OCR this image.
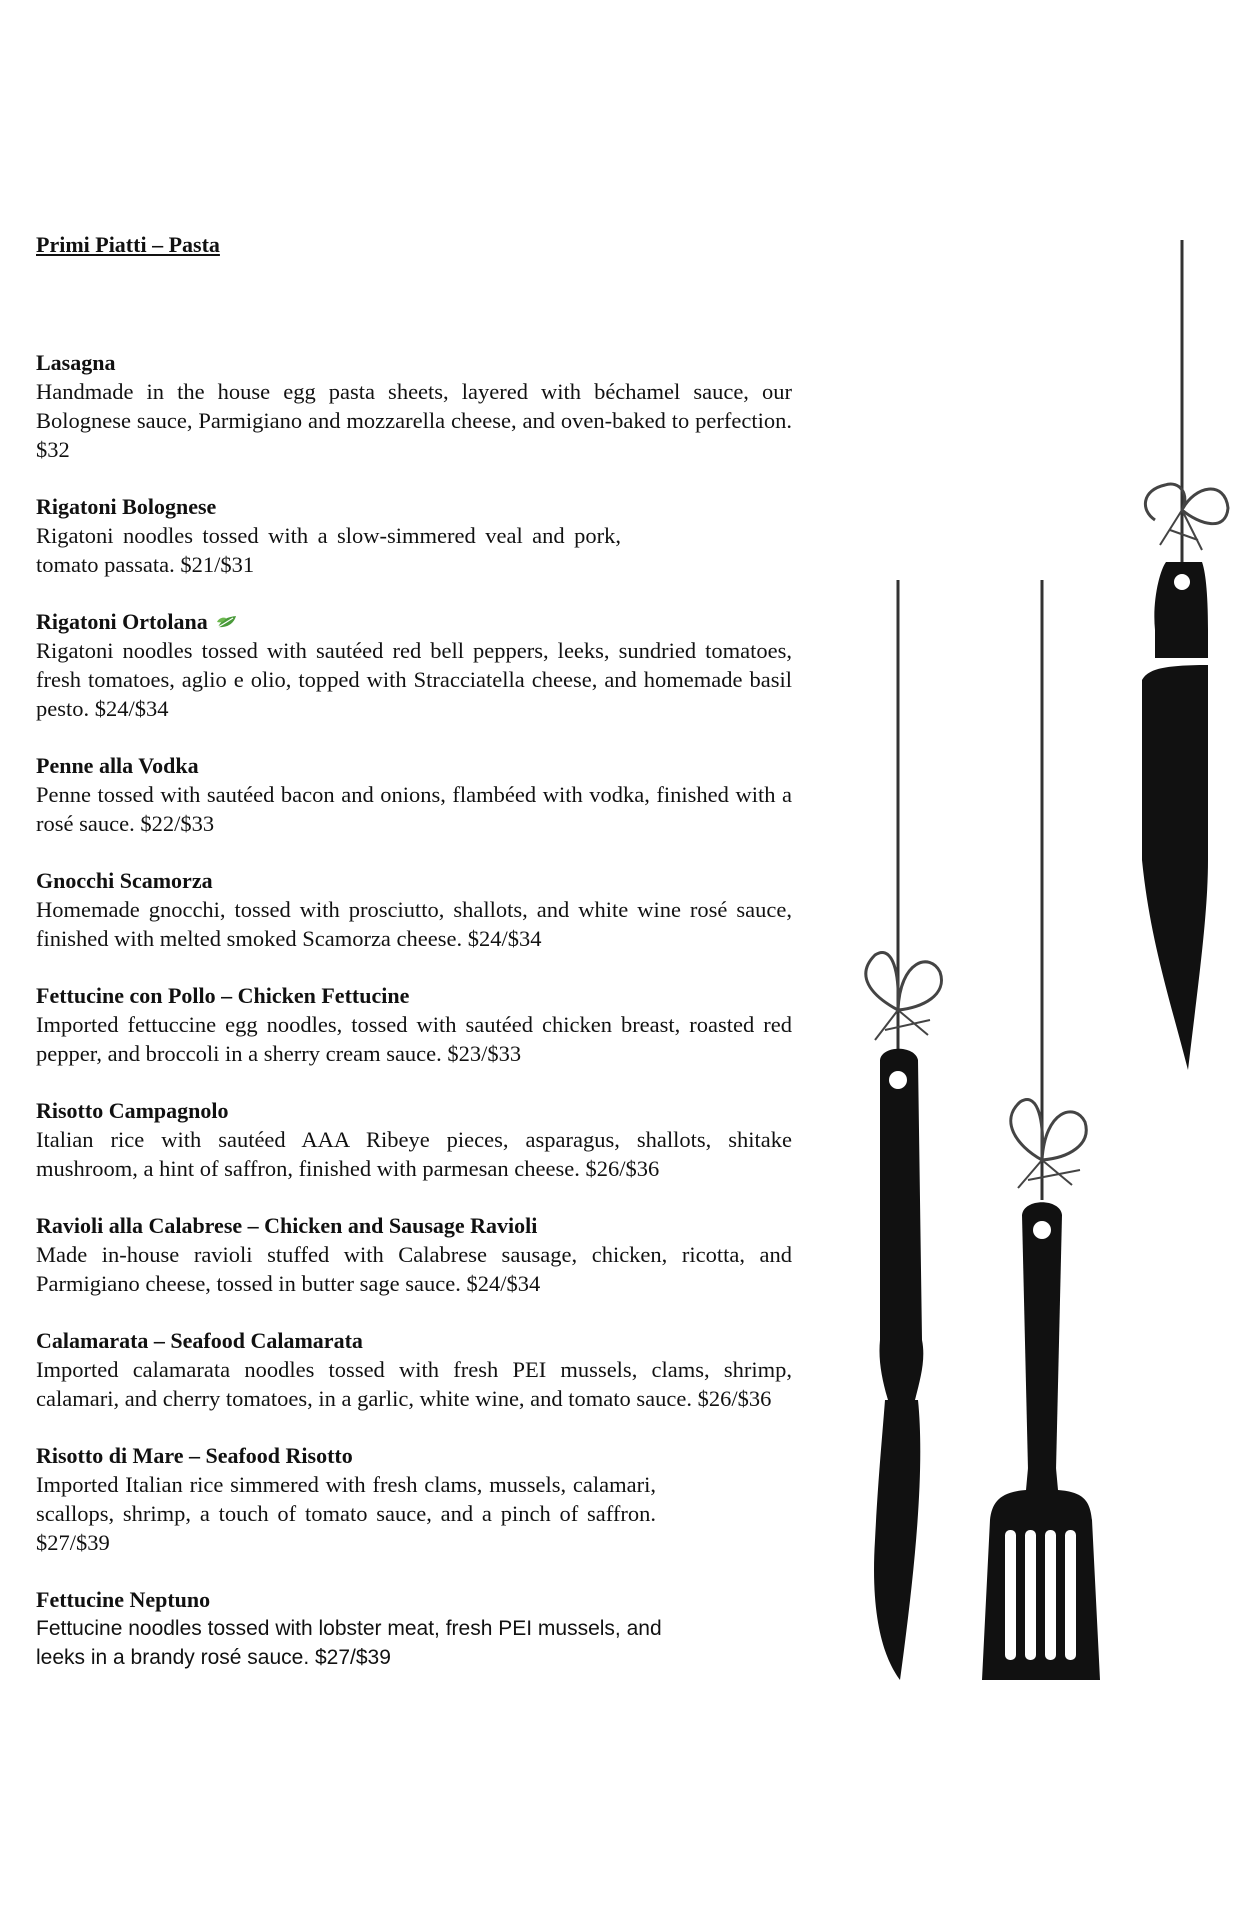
Primi Piatti – Pasta

Lasagna

Handmade in the house egg pasta sheets, layered with béchamel sauce, our Bolognese sauce, Parmigiano and mozzarella cheese, and oven-baked to perfection. $32

Rigatoni Bolognese

Rigatoni noodles tossed with a slow-simmered veal and pork, tomato passata. $21/$31

Rigatoni Ortolana

Rigatoni noodles tossed with sautéed red bell peppers, leeks, sundried tomatoes, fresh tomatoes, aglio e olio, topped with Stracciatella cheese, and homemade basil pesto. $24/$34

Penne alla Vodka

Penne tossed with sautéed bacon and onions, flambéed with vodka, finished with a rosé sauce. $22/$33

Gnocchi Scamorza

Homemade gnocchi, tossed with prosciutto, shallots, and white wine rosé sauce, finished with melted smoked Scamorza cheese. $24/$34

Fettucine con Pollo – Chicken Fettucine

Imported fettuccine egg noodles, tossed with sautéed chicken breast, roasted red pepper, and broccoli in a sherry cream sauce. $23/$33

Risotto Campagnolo

Italian rice with sautéed AAA Ribeye pieces, asparagus, shallots, shitake mushroom, a hint of saffron, finished with parmesan cheese. $26/$36

Ravioli alla Calabrese – Chicken and Sausage Ravioli

Made in-house ravioli stuffed with Calabrese sausage, chicken, ricotta, and Parmigiano cheese, tossed in butter sage sauce. $24/$34

Calamarata – Seafood Calamarata

Imported calamarata noodles tossed with fresh PEI mussels, clams, shrimp, calamari, and cherry tomatoes, in a garlic, white wine, and tomato sauce. $26/$36

Risotto di Mare – Seafood Risotto

Imported Italian rice simmered with fresh clams, mussels, calamari, scallops, shrimp, a touch of tomato sauce, and a pinch of saffron. $27/$39

Fettucine Neptuno

Fettucine noodles tossed with lobster meat, fresh PEI mussels, and leeks in a brandy rosé sauce. $27/$39
